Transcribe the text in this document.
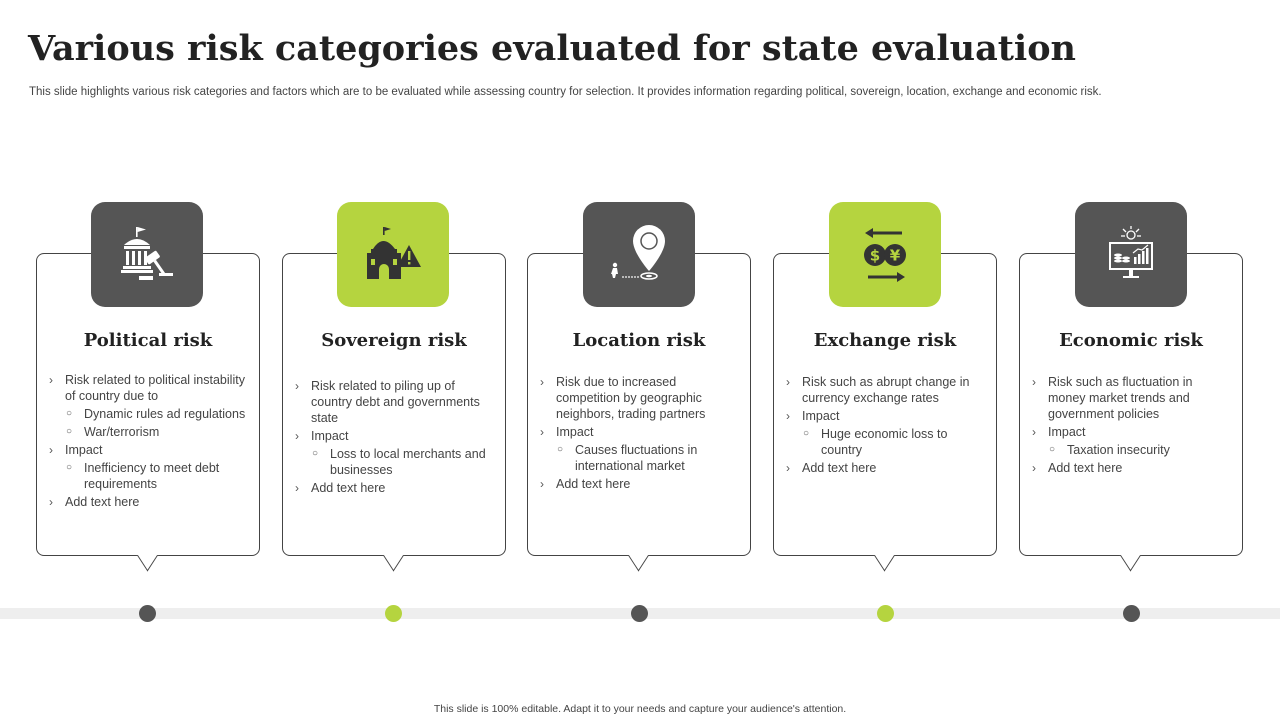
Various risk categories evaluated for state evaluation

This slide highlights various risk categories and factors which are to be evaluated while assessing country for selection. It provides information regarding political, sovereign, location, exchange and economic risk.

Political risk
› Risk related to political instability of country due to
○ Dynamic rules ad regulations
○ War/terrorism
› Impact
○ Inefficiency to meet debt requirements
› Add text here
Sovereign risk
› Risk related to piling up of country debt and governments state
› Impact
○ Loss to local merchants and businesses
› Add text here
Location risk
› Risk due to increased competition by geographic neighbors, trading partners
› Impact
○ Causes fluctuations in international market
› Add text here
Exchange risk
› Risk such as abrupt change in currency exchange rates
› Impact
○ Huge economic loss to country
› Add text here
$ ¥
Economic risk
› Risk such as fluctuation in money market trends and government policies
› Impact
○ Taxation insecurity
› Add text here

This slide is 100% editable. Adapt it to your needs and capture your audience's attention.
